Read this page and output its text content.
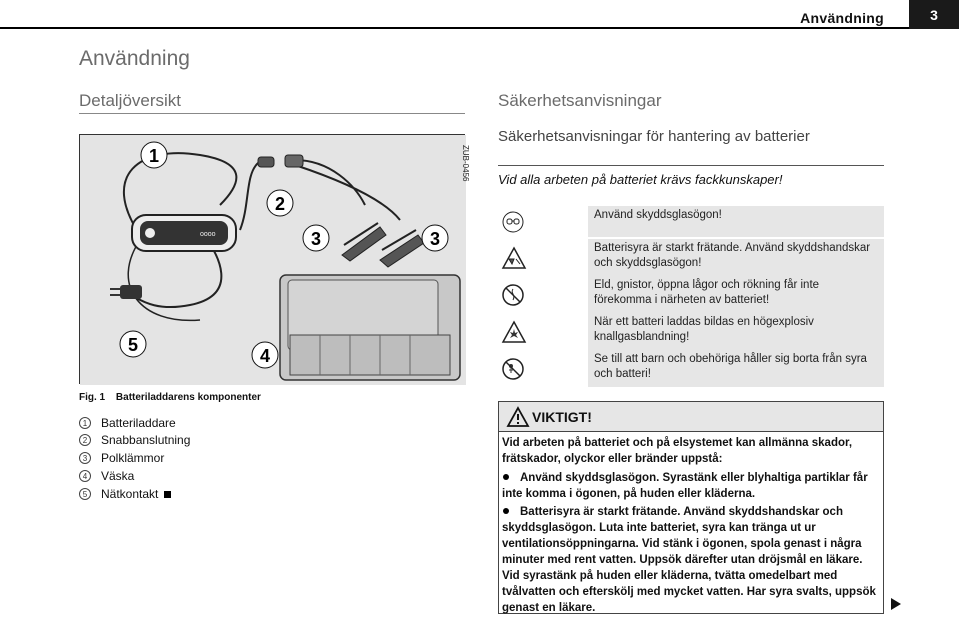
Användning	3
Användning
Detaljöversikt
oooo
1
2
3	3
4
5
ZUB-0456
Fig. 1 Batteriladdarens komponenter
1	Batteriladdare
2	Snabbanslutning
3	Polklämmor
4	Väska
5	Nätkontakt
Säkerhetsanvisningar
Säkerhetsanvisningar för hantering av batterier
Vid alla arbeten på batteriet krävs fackkunskaper!
Använd skyddsglasögon!
Batterisyra är starkt frätande. Använd skyddshandskar och skyddsglasögon!
Eld, gnistor, öppna lågor och rökning får inte förekomma i närheten av batteriet!
När ett batteri laddas bildas en högexplosiv knallgasblandning!
Se till att barn och obehöriga håller sig borta från syra och batteri!
VIKTIGT!
Vid arbeten på batteriet och på elsystemet kan allmänna skador, frätskador, olyckor eller bränder uppstå:
Använd skyddsglasögon. Syrastänk eller blyhaltiga partiklar får inte komma i ögonen, på huden eller kläderna.
Batterisyra är starkt frätande. Använd skyddshandskar och skyddsglasögon. Luta inte batteriet, syra kan tränga ut ur ventilationsöppningarna. Vid stänk i ögonen, spola genast i några minuter med rent vatten. Uppsök därefter utan dröjsmål en läkare. Vid syrastänk på huden eller kläderna, tvätta omedelbart med tvålvatten och efterskölj med mycket vatten. Har syra svalts, uppsök genast en läkare.
